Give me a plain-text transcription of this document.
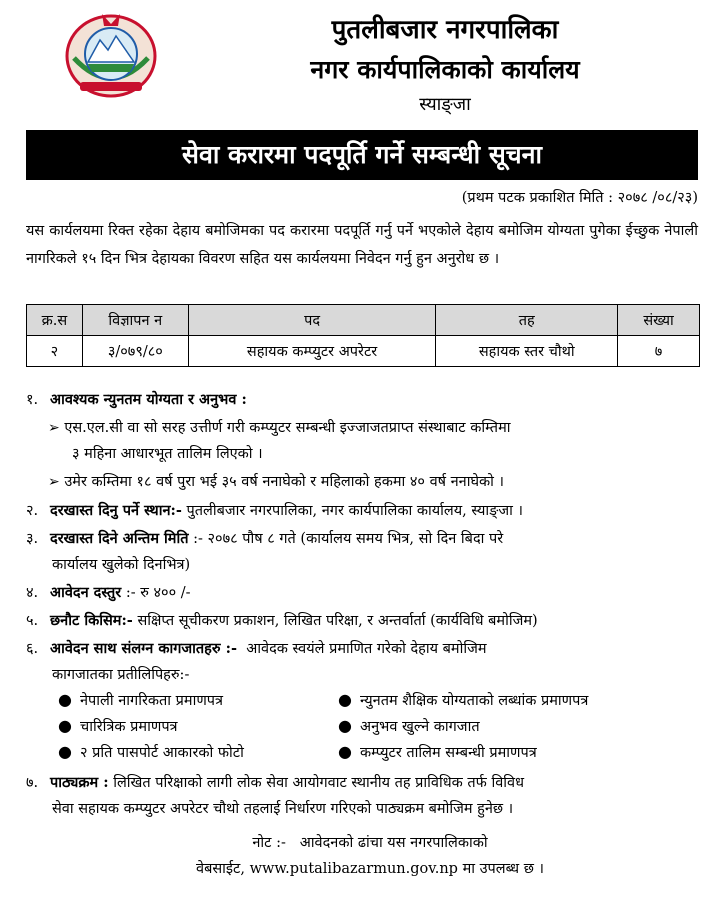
पुतलीबजार नगरपालिका
नगर कार्यपालिकाको कार्यालय
स्याङ्जा
सेवा करारमा पदपूर्ति गर्ने सम्बन्धी सूचना
(प्रथम पटक प्रकाशित मिति : २०७८ /०८/२३)
यस कार्यलयमा रिक्त रहेका देहाय बमोजिमका पद करारमा पदपूर्ति गर्नु पर्ने भएकोले देहाय बमोजिम योग्यता पुगेका ईच्छुक नेपाली नागरिकले १५ दिन भित्र देहायका विवरण सहित यस कार्यलयमा निवेदन गर्नु हुन अनुरोध छ ।
क्र.स	विज्ञापन न	पद	तह	संख्या
२	३/०७९/८०	सहायक कम्प्युटर अपरेटर	सहायक स्तर चौथो	७
१. आवश्यक न्युनतम योग्यता र अनुभव :
➢ एस.एल.सी वा सो सरह उत्तीर्ण गरी कम्प्युटर सम्बन्धी इज्जाजतप्राप्त संस्थाबाट कम्तिमा
३ महिना आधारभूत तालिम लिएको ।
➢ उमेर कम्तिमा १८ वर्ष पुरा भई ३५ वर्ष ननाघेको र महिलाको हकमा ४० वर्ष ननाघेको ।
२. दरखास्त दिनु पर्ने स्थान:- पुतलीबजार नगरपालिका, नगर कार्यपालिका कार्यालय, स्याङ्जा ।
३. दरखास्त दिने अन्तिम मिति :- २०७८ पौष ८ गते (कार्यालय समय भित्र, सो दिन बिदा परे
कार्यालय खुलेको दिनभित्र)
४. आवेदन दस्तुर :- रु ४०० /-
५. छनौट किसिम:- सक्षिप्त सूचीकरण प्रकाशन, लिखित परिक्षा, र अन्तर्वार्ता (कार्यविधि बमोजिम)
६. आवेदन साथ संलग्न कागजातहरु :- आवेदक स्वयंले प्रमाणित गरेको देहाय बमोजिम
कागजातका प्रतीलिपिहरु:-
● नेपाली नागरिकता प्रमाणपत्र
● चारित्रिक प्रमाणपत्र
● २ प्रति पासपोर्ट आकारको फोटो
● न्युनतम शैक्षिक योग्यताको लब्धांक प्रमाणपत्र
● अनुभव खुल्ने कागजात
● कम्प्युटर तालिम सम्बन्धी प्रमाणपत्र
७. पाठ्यक्रम : लिखित परिक्षाको लागी लोक सेवा आयोगवाट स्थानीय तह प्राविधिक तर्फ विविध
सेवा सहायक कम्प्युटर अपरेटर चौथो तहलाई निर्धारण गरिएको पाठ्यक्रम बमोजिम हुनेछ ।
नोट :-   आवेदनको ढांचा यस नगरपालिकाको
वेबसाईट, www.putalibazarmun.gov.np मा उपलब्ध छ ।
